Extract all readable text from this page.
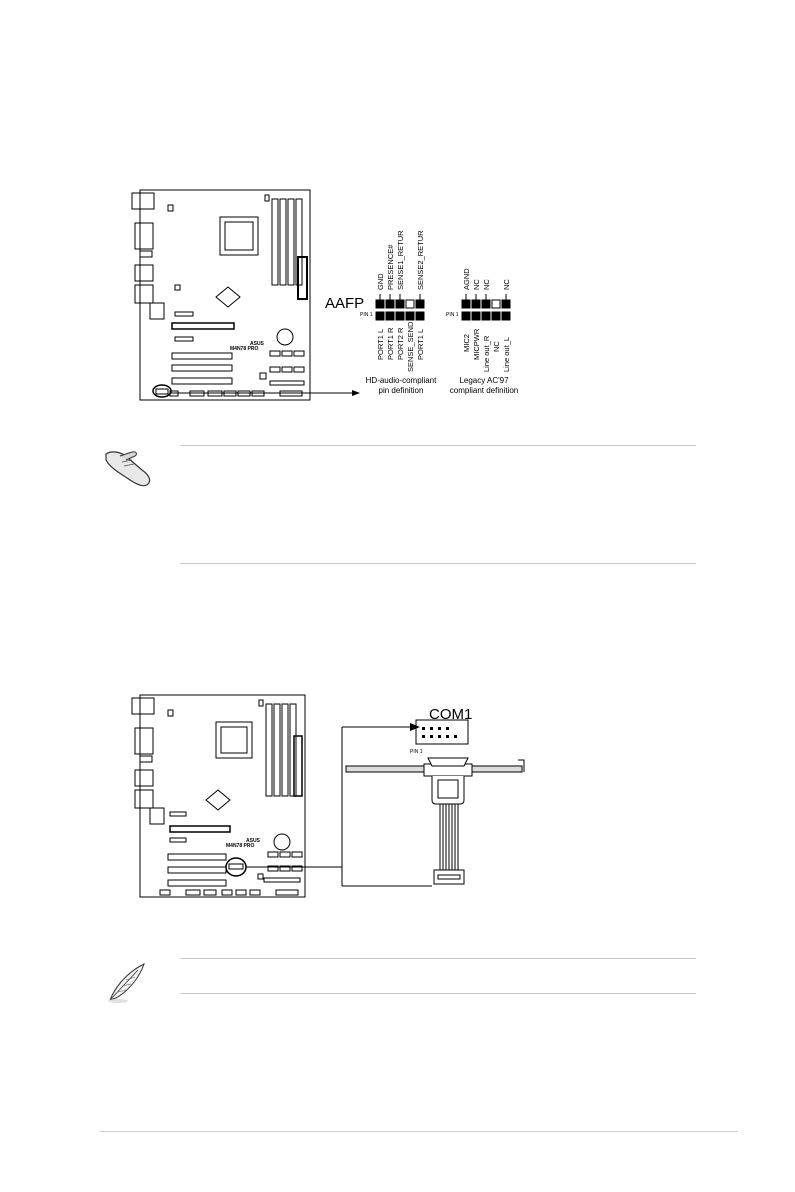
ASUS
M4N78 PRO
AAFP
PIN 1
GND PRESENCE# SENSE1_RETUR SENSE2_RETUR
PORT1 L PORT1 R PORT2 R SENSE_SEND PORT1 L
HD-audio-compliant
pin definition
PIN 1
AGND NC NC NC
MIC2 MICPWR Line out_R NC Line out_L
Legacy AC'97
compliant definition
ASUS
M4N78 PRO
COM1
PIN 1
